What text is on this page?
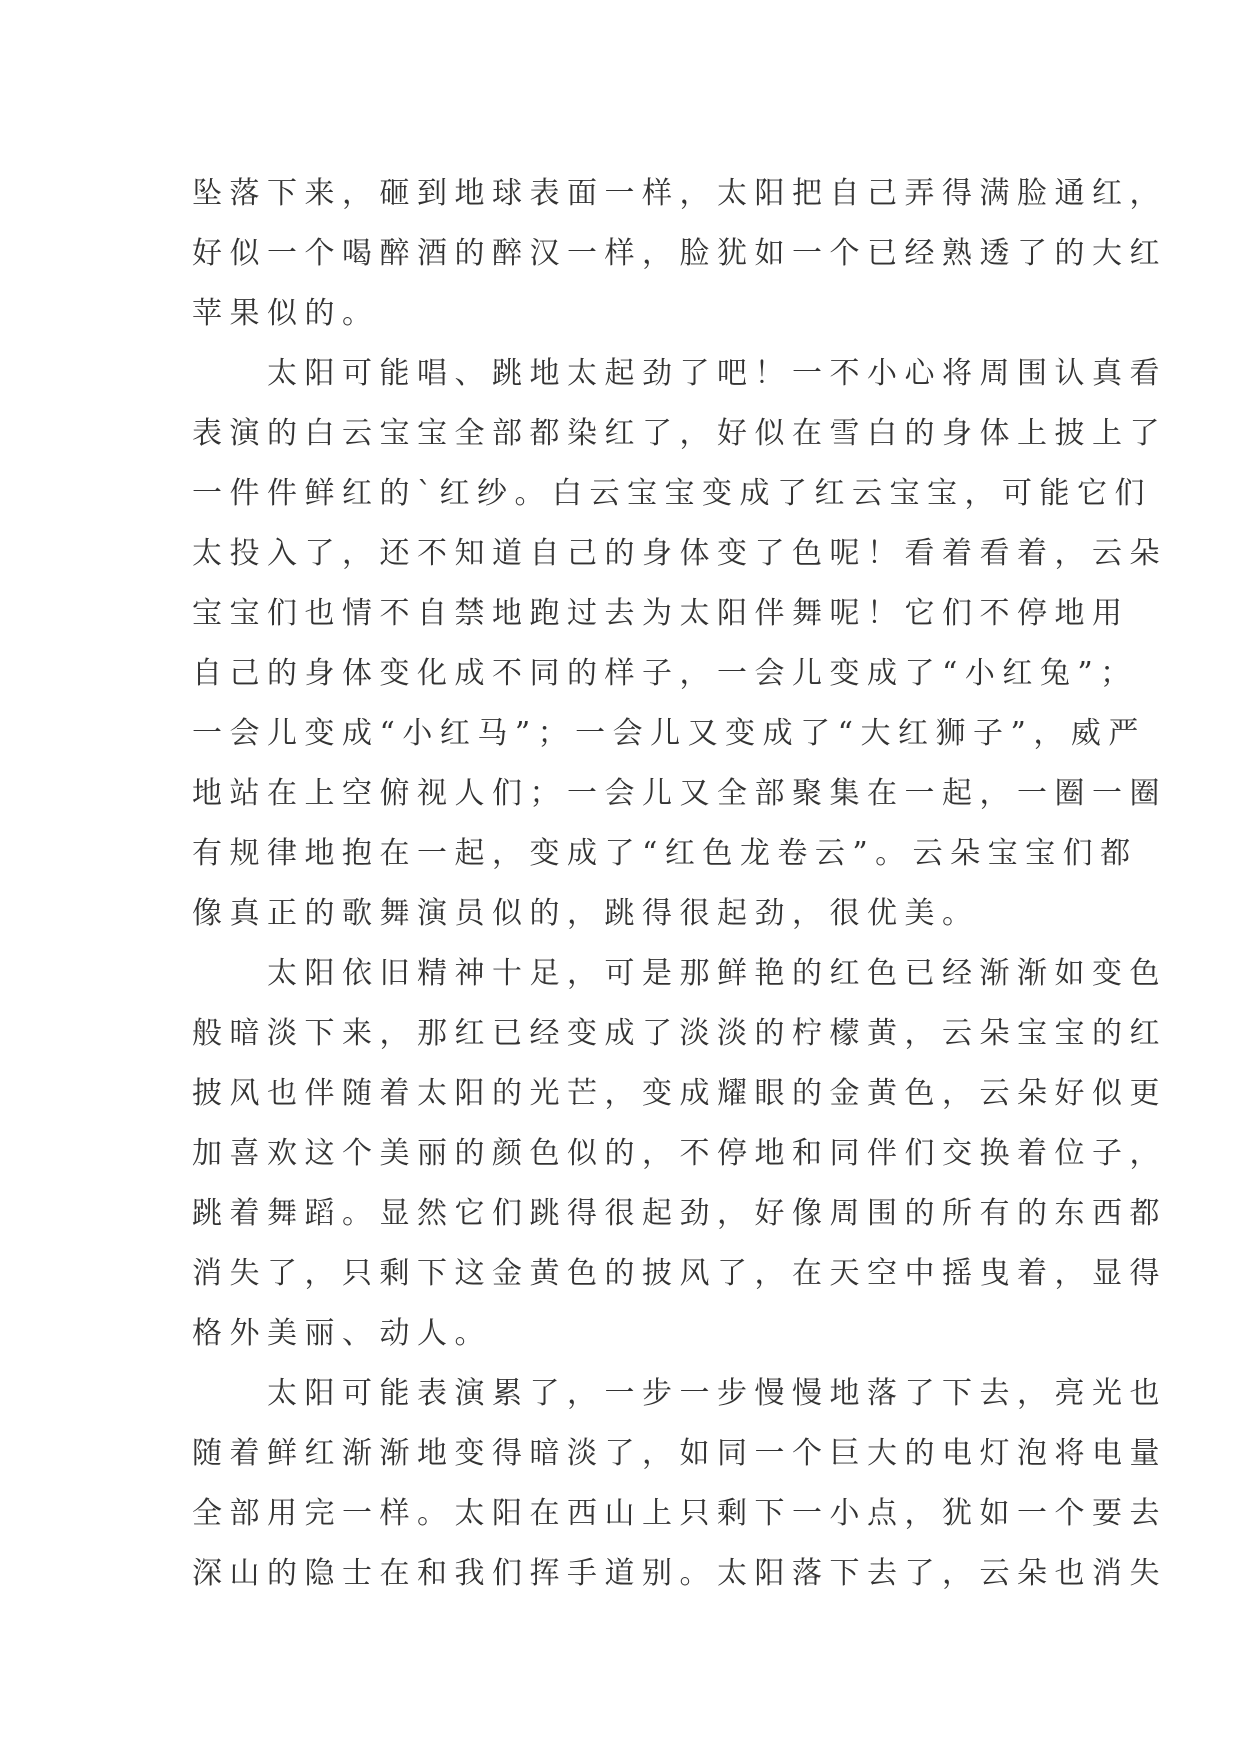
坠落下来，砸到地球表面一样，太阳把自己弄得满脸通红，
好似一个喝醉酒的醉汉一样，脸犹如一个已经熟透了的大红
苹果似的。
　　太阳可能唱、跳地太起劲了吧！一不小心将周围认真看
表演的白云宝宝全部都染红了，好似在雪白的身体上披上了
一件件鲜红的`红纱。白云宝宝变成了红云宝宝，可能它们
太投入了，还不知道自己的身体变了色呢！看着看着，云朵
宝宝们也情不自禁地跑过去为太阳伴舞呢！它们不停地用
自己的身体变化成不同的样子，一会儿变成了“小红兔”；
一会儿变成“小红马”；一会儿又变成了“大红狮子”，威严
地站在上空俯视人们；一会儿又全部聚集在一起，一圈一圈
有规律地抱在一起，变成了“红色龙卷云”。云朵宝宝们都
像真正的歌舞演员似的，跳得很起劲，很优美。
　　太阳依旧精神十足，可是那鲜艳的红色已经渐渐如变色
般暗淡下来，那红已经变成了淡淡的柠檬黄，云朵宝宝的红
披风也伴随着太阳的光芒，变成耀眼的金黄色，云朵好似更
加喜欢这个美丽的颜色似的，不停地和同伴们交换着位子，
跳着舞蹈。显然它们跳得很起劲，好像周围的所有的东西都
消失了，只剩下这金黄色的披风了，在天空中摇曳着，显得
格外美丽、动人。
　　太阳可能表演累了，一步一步慢慢地落了下去，亮光也
随着鲜红渐渐地变得暗淡了，如同一个巨大的电灯泡将电量
全部用完一样。太阳在西山上只剩下一小点，犹如一个要去
深山的隐士在和我们挥手道别。太阳落下去了，云朵也消失
